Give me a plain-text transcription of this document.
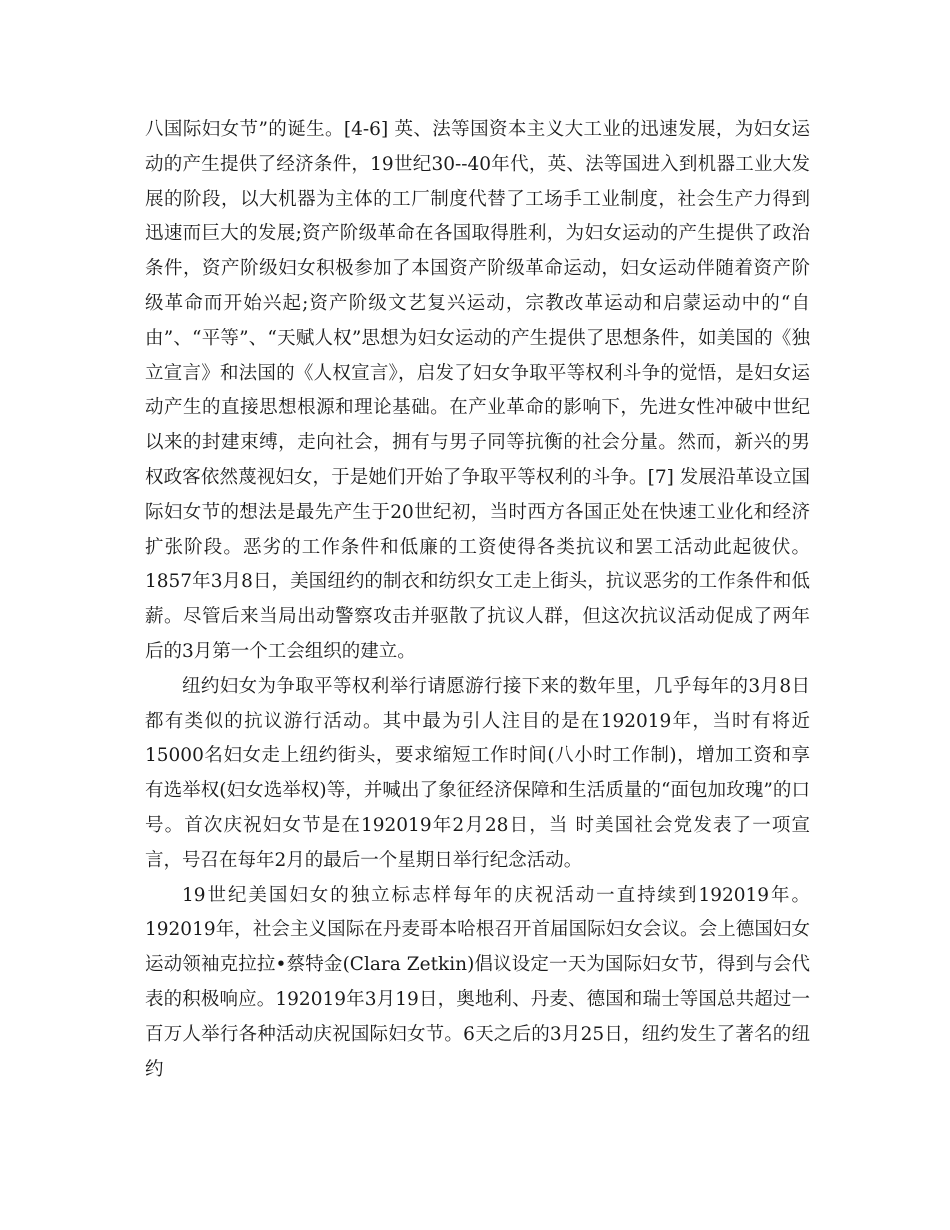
八国际妇女节”的诞生。[4-6] 英、法等国资本主义大工业的迅速发展，为妇女运动的产生提供了经济条件，19世纪30--40年代，英、法等国进入到机器工业大发展的阶段，以大机器为主体的工厂制度代替了工场手工业制度，社会生产力得到迅速而巨大的发展;资产阶级革命在各国取得胜利，为妇女运动的产生提供了政治条件，资产阶级妇女积极参加了本国资产阶级革命运动，妇女运动伴随着资产阶级革命而开始兴起;资产阶级文艺复兴运动，宗教改革运动和启蒙运动中的“自由”、“平等”、“天赋人权”思想为妇女运动的产生提供了思想条件，如美国的《独立宣言》和法国的《人权宣言》，启发了妇女争取平等权利斗争的觉悟，是妇女运动产生的直接思想根源和理论基础。在产业革命的影响下，先进女性冲破中世纪以来的封建束缚，走向社会，拥有与男子同等抗衡的社会分量。然而，新兴的男权政客依然蔑视妇女，于是她们开始了争取平等权利的斗争。[7] 发展沿革设立国际妇女节的想法是最先产生于20世纪初，当时西方各国正处在快速工业化和经济扩张阶段。恶劣的工作条件和低廉的工资使得各类抗议和罢工活动此起彼伏。1857年3月8日，美国纽约的制衣和纺织女工走上街头，抗议恶劣的工作条件和低薪。尽管后来当局出动警察攻击并驱散了抗议人群，但这次抗议活动促成了两年后的3月第一个工会组织的建立。

纽约妇女为争取平等权利举行请愿游行接下来的数年里，几乎每年的3月8日都有类似的抗议游行活动。其中最为引人注目的是在192019年，当时有将近15000名妇女走上纽约街头，要求缩短工作时间(八小时工作制)，增加工资和享有选举权(妇女选举权)等，并喊出了象征经济保障和生活质量的“面包加玫瑰”的口号。首次庆祝妇女节是在192019年2月28日，当 时美国社会党发表了一项宣言，号召在每年2月的最后一个星期日举行纪念活动。

19世纪美国妇女的独立标志样每年的庆祝活动一直持续到192019年。192019年，社会主义国际在丹麦哥本哈根召开首届国际妇女会议。会上德国妇女运动领袖克拉拉•蔡特金(Clara Zetkin)倡议设定一天为国际妇女节，得到与会代表的积极响应。192019年3月19日，奥地利、丹麦、德国和瑞士等国总共超过一百万人举行各种活动庆祝国际妇女节。6天之后的3月25日，纽约发生了著名的纽约
